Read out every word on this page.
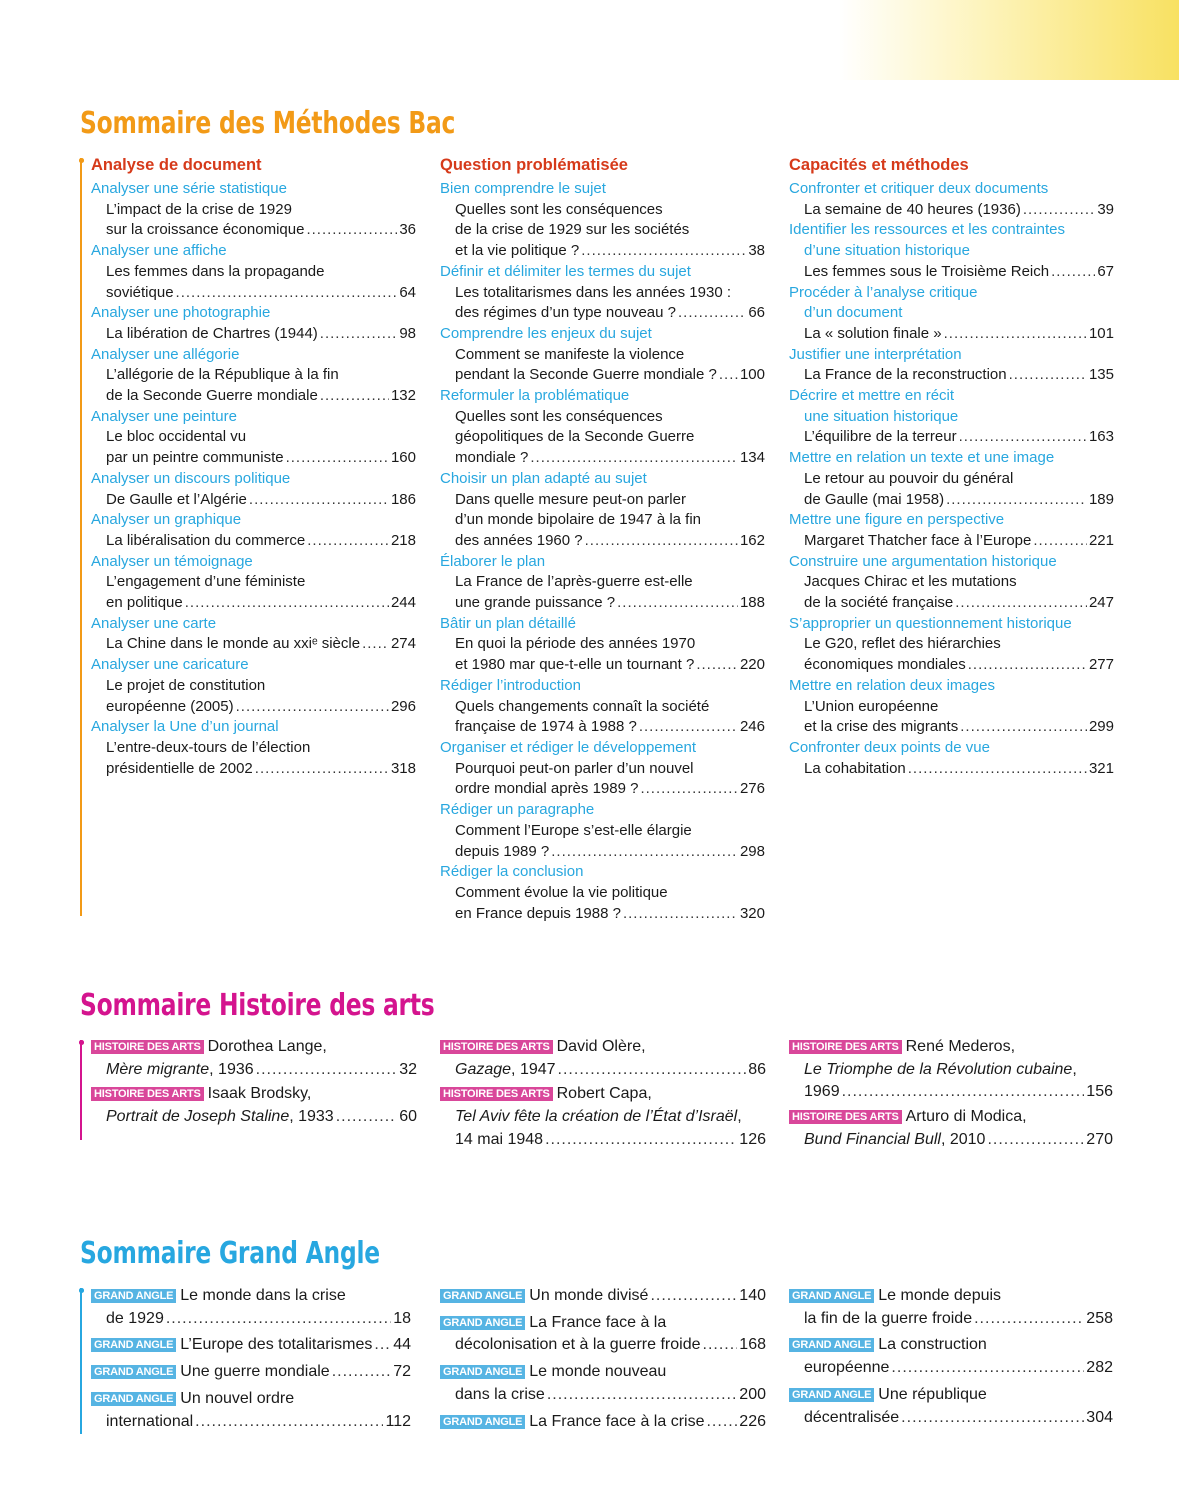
Sommaire des Méthodes Bac
Analyse de document
Analyser une série statistique
L’impact de la crise de 1929
sur la croissance économique .....	36
Analyser une affiche
Les femmes dans la propagande
soviétique .....	64
Analyser une photographie
La libération de Chartres (1944) .....	98
Analyser une allégorie
L’allégorie de la République à la fin
de la Seconde Guerre mondiale .....	132
Analyser une peinture
Le bloc occidental vu
par un peintre communiste .....	160
Analyser un discours politique
De Gaulle et l’Algérie .....	186
Analyser un graphique
La libéralisation du commerce .....	218
Analyser un témoignage
L’engagement d’une féministe
en politique .....	244
Analyser une carte
La Chine dans le monde au xxiᵉ siècle ..... 274
Analyser une caricature
Le projet de constitution
européenne (2005) .....	296
Analyser la Une d’un journal
L’entre-deux-tours de l’élection
présidentielle de 2002 .....	318
Question problématisée
Bien comprendre le sujet
Quelles sont les conséquences
de la crise de 1929 sur les sociétés
et la vie politique ? .....	38
Définir et délimiter les termes du sujet
Les totalitarismes dans les années 1930 :
des régimes d’un type nouveau ? .....	66
Comprendre les enjeux du sujet
Comment se manifeste la violence
pendant la Seconde Guerre mondiale ? ..... 100
Reformuler la problématique
Quelles sont les conséquences
géopolitiques de la Seconde Guerre
mondiale ? .....	134
Choisir un plan adapté au sujet
Dans quelle mesure peut-on parler
d’un monde bipolaire de 1947 à la fin
des années 1960 ? .....	162
Élaborer le plan
La France de l’après-guerre est-elle
une grande puissance ? .....	188
Bâtir un plan détaillé
En quoi la période des années 1970
et 1980 mar que-t-elle un tournant ? .....	220
Rédiger l’introduction
Quels changements connaît la société
française de 1974 à 1988 ? .....	246
Organiser et rédiger le développement
Pourquoi peut-on parler d’un nouvel
ordre mondial après 1989 ? .....	276
Rédiger un paragraphe
Comment l’Europe s’est-elle élargie
depuis 1989 ? .....	298
Rédiger la conclusion
Comment évolue la vie politique
en France depuis 1988 ? .....	320
Capacités et méthodes
Confronter et critiquer deux documents
La semaine de 40 heures (1936) .....	39
Identifier les ressources et les contraintes
d’une situation historique
Les femmes sous le Troisième Reich .....	67
Procéder à l’analyse critique
d’un document
La « solution finale » .....	101
Justifier une interprétation
La France de la reconstruction .....	135
Décrire et mettre en récit
une situation historique
L’équilibre de la terreur .....	163
Mettre en relation un texte et une image
Le retour au pouvoir du général
de Gaulle (mai 1958) .....	189
Mettre une figure en perspective
Margaret Thatcher face à l’Europe .....	221
Construire une argumentation historique
Jacques Chirac et les mutations
de la société française .....	247
S’approprier un questionnement historique
Le G20, reflet des hiérarchies
économiques mondiales .....	277
Mettre en relation deux images
L’Union européenne
et la crise des migrants .....	299
Confronter deux points de vue
La cohabitation .....	321
Sommaire Histoire des arts
HISTOIRE DES ARTS Dorothea Lange,
Mère migrante, 1936 .....	32
HISTOIRE DES ARTS Isaak Brodsky,
Portrait de Joseph Staline, 1933 .....	60
HISTOIRE DES ARTS David Olère,
Gazage, 1947 .....	86
HISTOIRE DES ARTS Robert Capa,
Tel Aviv fête la création de l’État d’Israël,
14 mai 1948 .....	126
HISTOIRE DES ARTS René Mederos,
Le Triomphe de la Révolution cubaine,
1969 .....	156
HISTOIRE DES ARTS Arturo di Modica,
Bund Financial Bull, 2010 .....	270
Sommaire Grand Angle
GRAND ANGLE Le monde dans la crise
de 1929 .....	18
GRAND ANGLE L’Europe des totalitarismes ..... 44
GRAND ANGLE Une guerre mondiale .....	72
GRAND ANGLE Un nouvel ordre
international .....	112
GRAND ANGLE Un monde divisé .....	140
GRAND ANGLE La France face à la
décolonisation et à la guerre froide ..... 168
GRAND ANGLE Le monde nouveau
dans la crise .....	200
GRAND ANGLE La France face à la crise ..... 226
GRAND ANGLE Le monde depuis
la fin de la guerre froide .....	258
GRAND ANGLE La construction
européenne .....	282
GRAND ANGLE Une république
décentralisée .....	304
